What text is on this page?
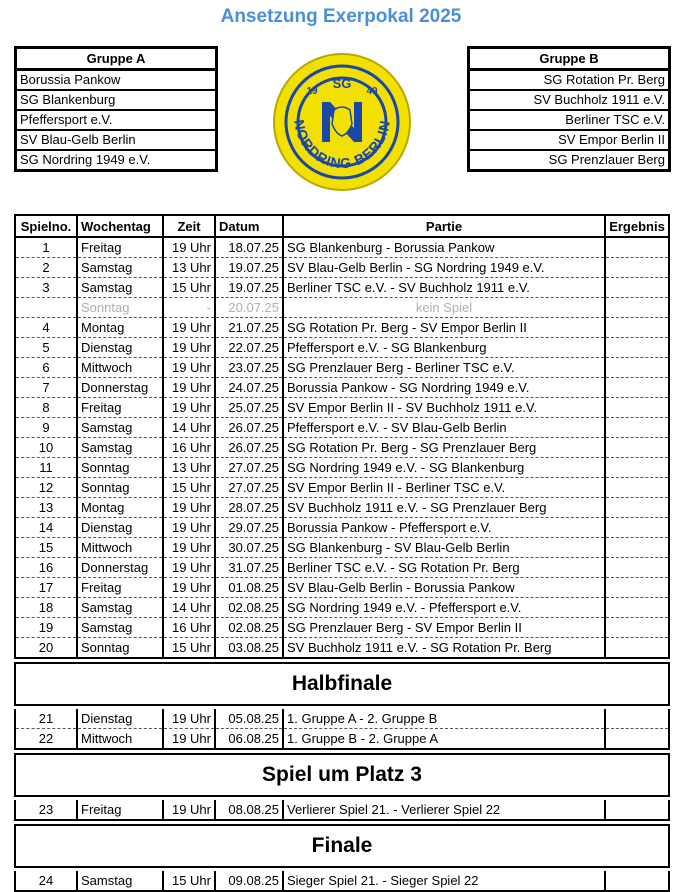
Ansetzung Exerpokal 2025
Gruppe A
Borussia Pankow
SG Blankenburg
Pfeffersport e.V.
SV Blau-Gelb Berlin
SG Nordring 1949 e.V.
Gruppe B
SG Rotation Pr. Berg
SV Buchholz 1911 e.V.
Berliner TSC e.V.
SV Empor Berlin II
SG Prenzlauer Berg
SG
19	49
NORDRING BERLIN
Spielno.	Wochentag	Zeit	Datum	Partie	Ergebnis
1	Freitag	19 Uhr	18.07.25	SG Blankenburg - Borussia Pankow	
2	Samstag	13 Uhr	19.07.25	SV Blau-Gelb Berlin - SG Nordring 1949 e.V.	
3	Samstag	15 Uhr	19.07.25	Berliner TSC e.V. - SV Buchholz 1911 e.V.	
	Sonntag	-	20.07.25	kein Spiel	
4	Montag	19 Uhr	21.07.25	SG Rotation Pr. Berg - SV Empor Berlin II	
5	Dienstag	19 Uhr	22.07.25	Pfeffersport e.V. - SG Blankenburg	
6	Mittwoch	19 Uhr	23.07.25	SG Prenzlauer Berg - Berliner TSC e.V.	
7	Donnerstag	19 Uhr	24.07.25	Borussia Pankow - SG Nordring 1949 e.V.	
8	Freitag	19 Uhr	25.07.25	SV Empor Berlin II - SV Buchholz 1911 e.V.	
9	Samstag	14 Uhr	26.07.25	Pfeffersport e.V. - SV Blau-Gelb Berlin	
10	Samstag	16 Uhr	26.07.25	SG Rotation Pr. Berg - SG Prenzlauer Berg	
11	Sonntag	13 Uhr	27.07.25	SG Nordring 1949 e.V. - SG Blankenburg	
12	Sonntag	15 Uhr	27.07.25	SV Empor Berlin II - Berliner TSC e.V.	
13	Montag	19 Uhr	28.07.25	SV Buchholz 1911 e.V. - SG Prenzlauer Berg	
14	Dienstag	19 Uhr	29.07.25	Borussia Pankow - Pfeffersport e.V.	
15	Mittwoch	19 Uhr	30.07.25	SG Blankenburg - SV Blau-Gelb Berlin	
16	Donnerstag	19 Uhr	31.07.25	Berliner TSC e.V. - SG Rotation Pr. Berg	
17	Freitag	19 Uhr	01.08.25	SV Blau-Gelb Berlin - Borussia Pankow	
18	Samstag	14 Uhr	02.08.25	SG Nordring 1949 e.V. - Pfeffersport e.V.	
19	Samstag	16 Uhr	02.08.25	SG Prenzlauer Berg - SV Empor Berlin II	
20	Sonntag	15 Uhr	03.08.25	SV Buchholz 1911 e.V. - SG Rotation Pr. Berg	

Halbfinale					

21	Dienstag	19 Uhr	05.08.25	1. Gruppe A - 2. Gruppe B	
22	Mittwoch	19 Uhr	06.08.25	1. Gruppe B - 2. Gruppe A	

Spiel um Platz 3					

23	Freitag	19 Uhr	08.08.25	Verlierer Spiel 21. - Verlierer Spiel 22	

Finale					

24	Samstag	15 Uhr	09.08.25	Sieger Spiel 21. - Sieger Spiel 22	
